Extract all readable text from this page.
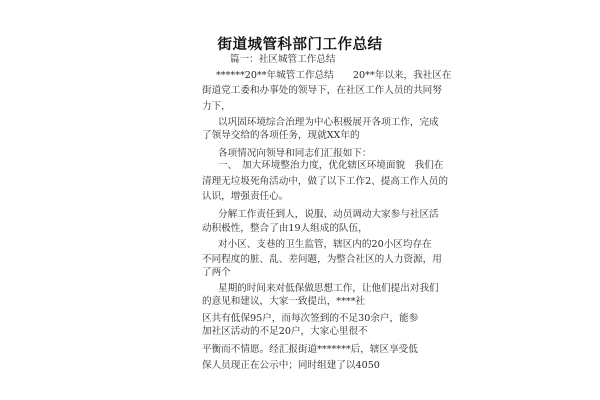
街道城管科部门工作总结
篇一：社区城管工作总结
******20**年城管工作总结　　20**年以来，我社区在
街道党工委和办事处的领导下，在社区工作人员的共同努
力下，
以巩固环境综合治理为中心积极展开各项工作，完成
了领导交给的各项任务，现就XX年的
各项情况向领导和同志们汇报如下：
一、　加大环境整治力度，优化辖区环境面貌　我们在
清理无垃圾死角活动中，做了以下工作2、提高工作人员的
认识，增强责任心。
分解工作责任到人，说服、动员调动大家参与社区活
动积极性，整合了由19人组成的队伍，
对小区、支巷的卫生监管，辖区内的20小区均存在
不同程度的脏、乱、差问题，为整合社区的人力资源，用
了两个
星期的时间来对低保做思想工作，让他们提出对我们
的意见和建议，大家一致提出，****社
区共有低保95户，而每次签到的不足30余户，能参
加社区活动的不足20户，大家心里很不
平衡而不情愿。经汇报街道*******后，辖区享受低
保人员现正在公示中；同时组建了以4050
